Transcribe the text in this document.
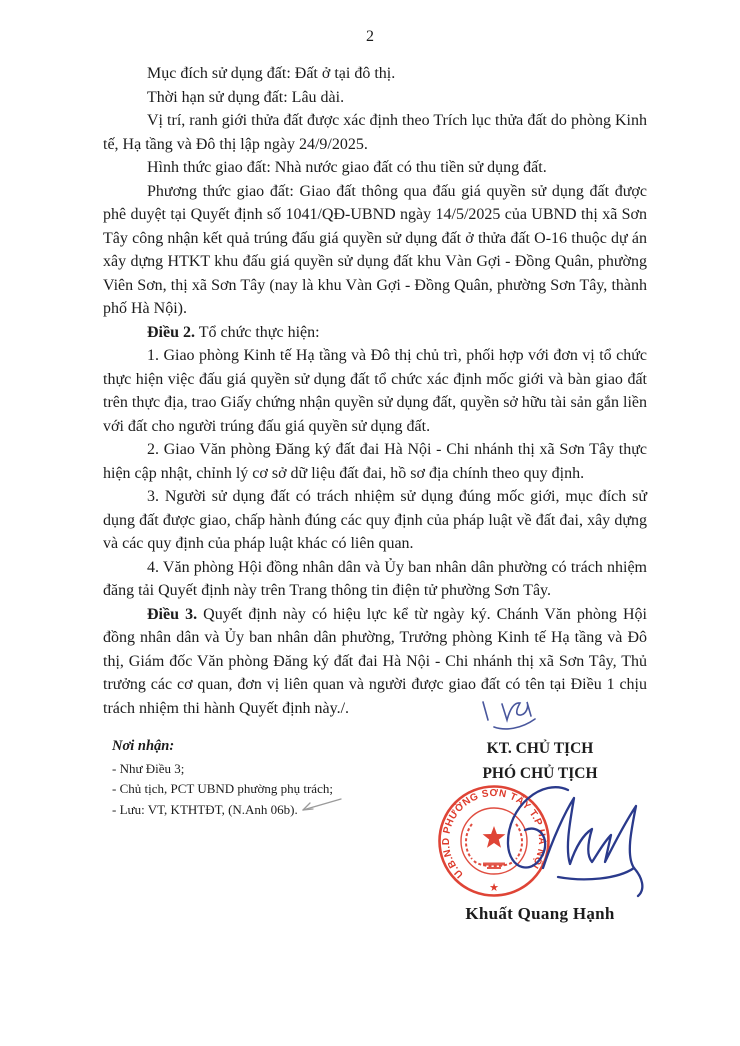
2

Mục đích sử dụng đất: Đất ở tại đô thị.

Thời hạn sử dụng đất: Lâu dài.

Vị trí, ranh giới thửa đất được xác định theo Trích lục thửa đất do phòng Kinh tế, Hạ tầng và Đô thị lập ngày 24/9/2025.

Hình thức giao đất: Nhà nước giao đất có thu tiền sử dụng đất.

Phương thức giao đất: Giao đất thông qua đấu giá quyền sử dụng đất được phê duyệt tại Quyết định số 1041/QĐ-UBND ngày 14/5/2025 của UBND thị xã Sơn Tây công nhận kết quả trúng đấu giá quyền sử dụng đất ở thửa đất O-16 thuộc dự án xây dựng HTKT khu đấu giá quyền sử dụng đất khu Vàn Gợi - Đồng Quân, phường Viên Sơn, thị xã Sơn Tây (nay là khu Vàn Gợi - Đồng Quân, phường Sơn Tây, thành phố Hà Nội).

Điều 2. Tổ chức thực hiện:

1. Giao phòng Kinh tế Hạ tầng và Đô thị chủ trì, phối hợp với đơn vị tổ chức thực hiện việc đấu giá quyền sử dụng đất tổ chức xác định mốc giới và bàn giao đất trên thực địa, trao Giấy chứng nhận quyền sử dụng đất, quyền sở hữu tài sản gắn liền với đất cho người trúng đấu giá quyền sử dụng đất.

2. Giao Văn phòng Đăng ký đất đai Hà Nội - Chi nhánh thị xã Sơn Tây thực hiện cập nhật, chỉnh lý cơ sở dữ liệu đất đai, hồ sơ địa chính theo quy định.

3. Người sử dụng đất có trách nhiệm sử dụng đúng mốc giới, mục đích sử dụng đất được giao, chấp hành đúng các quy định của pháp luật về đất đai, xây dựng và các quy định của pháp luật khác có liên quan.

4. Văn phòng Hội đồng nhân dân và Ủy ban nhân dân phường có trách nhiệm đăng tải Quyết định này trên Trang thông tin điện tử phường Sơn Tây.

Điều 3. Quyết định này có hiệu lực kể từ ngày ký. Chánh Văn phòng Hội đồng nhân dân và Ủy ban nhân dân phường, Trưởng phòng Kinh tế Hạ tầng và Đô thị, Giám đốc Văn phòng Đăng ký đất đai Hà Nội - Chi nhánh thị xã Sơn Tây, Thủ trưởng các cơ quan, đơn vị liên quan và người được giao đất có tên tại Điều 1 chịu trách nhiệm thi hành Quyết định này./.

Nơi nhận:
- Như Điều 3;
- Chủ tịch, PCT UBND phường phụ trách;
- Lưu: VT, KTHTĐT, (N.Anh 06b).
KT. CHỦ TỊCH
PHÓ CHỦ TỊCH
U.B.N.D PHƯỜNG SƠN TÂY T.P HÀ NỘI
★
Khuất Quang Hạnh
